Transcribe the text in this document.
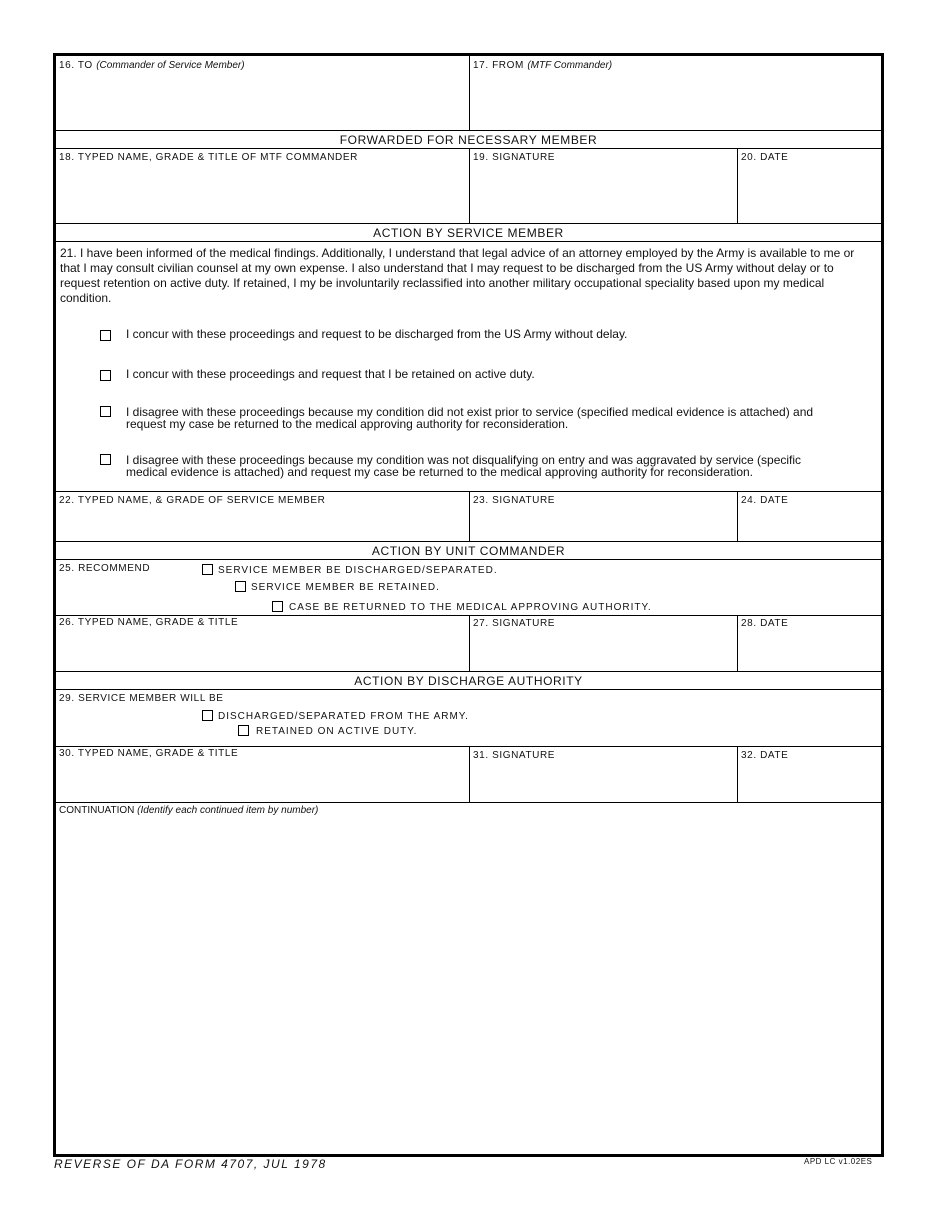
16. TO (Commander of Service Member)	17. FROM (MTF Commander)
FORWARDED FOR NECESSARY MEMBER
18. TYPED NAME, GRADE & TITLE OF MTF COMMANDER	19. SIGNATURE	20. DATE
ACTION BY SERVICE MEMBER
21. I have been informed of the medical findings. Additionally, I understand that legal advice of an attorney employed by the Army is available to me or that I may consult civilian counsel at my own expense. I also understand that I may request to be discharged from the US Army without delay or to request retention on active duty. If retained, I my be involuntarily reclassified into another military occupational speciality based upon my medical condition.
I concur with these proceedings and request to be discharged from the US Army without delay.
I concur with these proceedings and request that I be retained on active duty.
I disagree with these proceedings because my condition did not exist prior to service (specified medical evidence is attached) and request my case be returned to the medical approving authority for reconsideration.
I disagree with these proceedings because my condition was not disqualifying on entry and was aggravated by service (specific medical evidence is attached) and request my case be returned to the medical approving authority for reconsideration.
22. TYPED NAME, & GRADE OF SERVICE MEMBER	23. SIGNATURE	24. DATE
ACTION BY UNIT COMMANDER
25. RECOMMEND	SERVICE MEMBER BE DISCHARGED/SEPARATED.
SERVICE MEMBER BE RETAINED.
CASE BE RETURNED TO THE MEDICAL APPROVING AUTHORITY.
26. TYPED NAME, GRADE & TITLE	27. SIGNATURE	28. DATE
ACTION BY DISCHARGE AUTHORITY
29. SERVICE MEMBER WILL BE
DISCHARGED/SEPARATED FROM THE ARMY.
RETAINED ON ACTIVE DUTY.
30. TYPED NAME, GRADE & TITLE	31. SIGNATURE	32. DATE
CONTINUATION (Identify each continued item by number)
REVERSE OF DA FORM 4707, JUL 1978	APD LC v1.02ES
